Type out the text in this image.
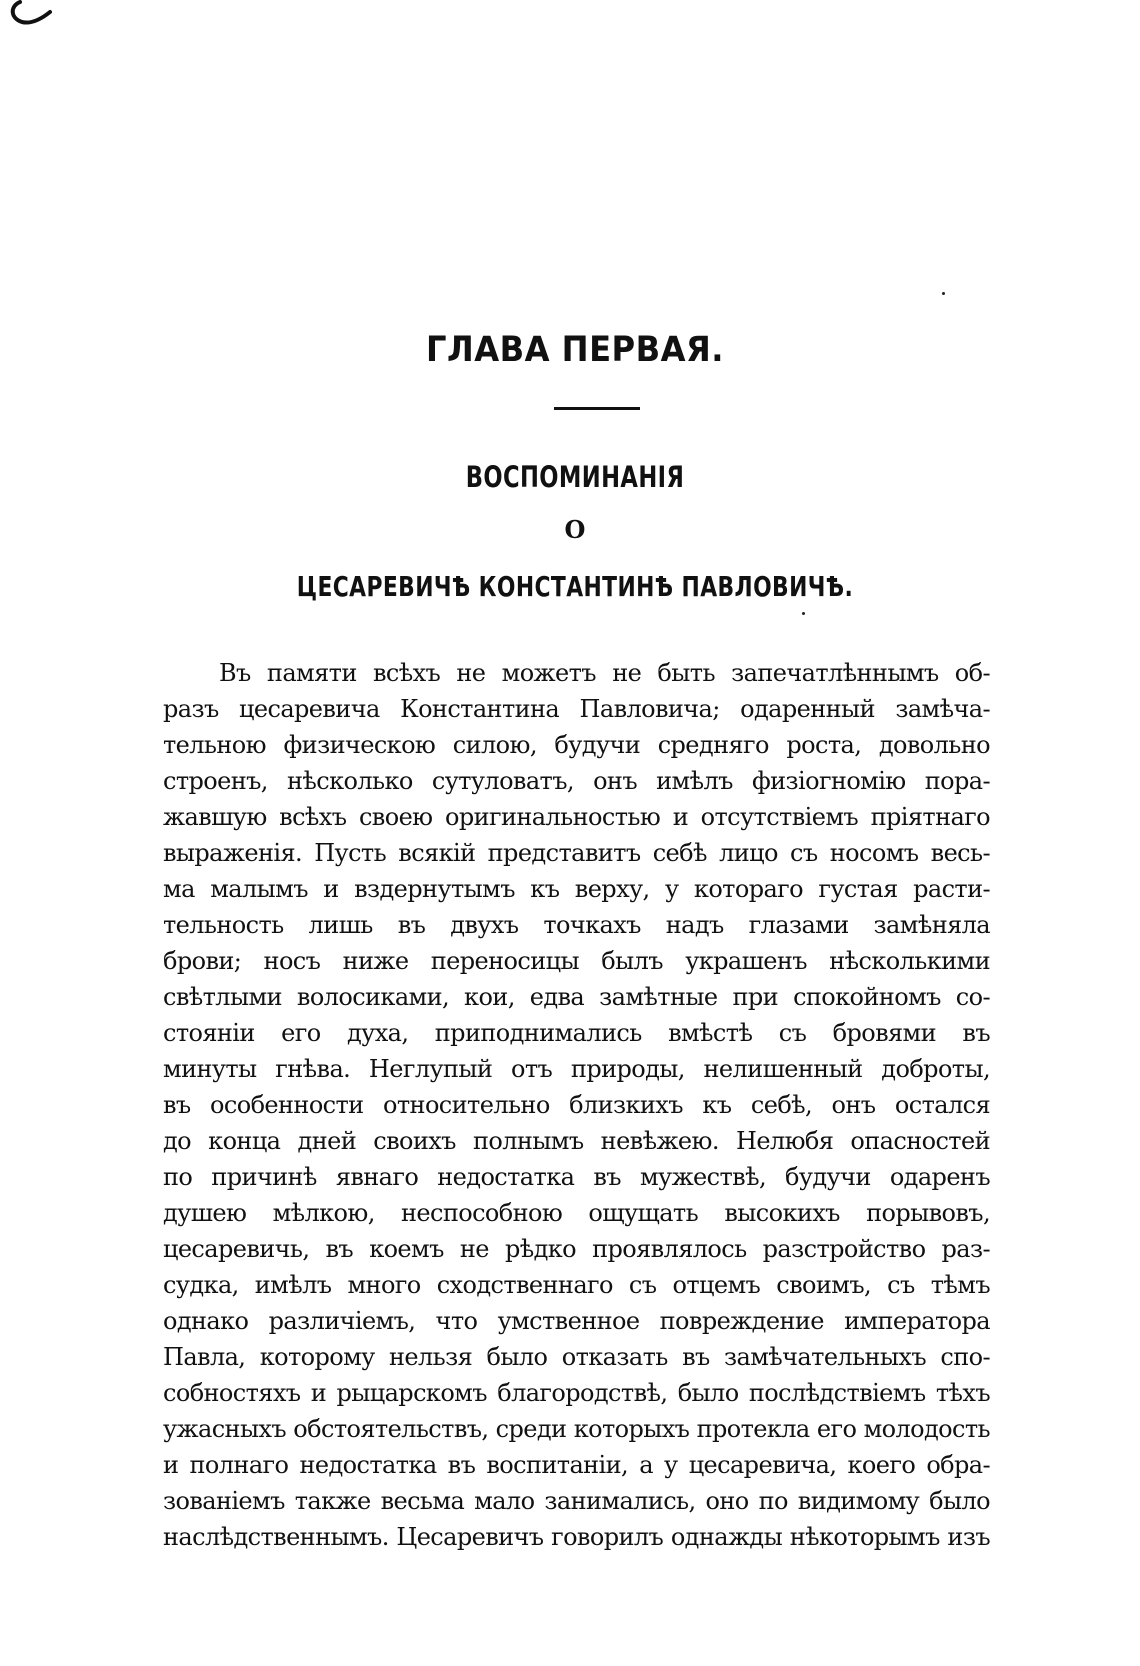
ГЛАВА ПЕРВАЯ.
ВОСПОМИНАНІЯ
О
ЦЕСАРЕВИЧѢ КОНСТАНТИНѢ ПАВЛОВИЧѢ.
Въ памяти всѣхъ не можетъ не быть запечатлѣннымъ об-
разъ цесаревича Константина Павловича; одаренный замѣча-
тельною физическою силою, будучи средняго роста, довольно
строенъ, нѣсколько сутуловатъ, онъ имѣлъ физіогномію пора-
жавшую всѣхъ своею оригинальностью и отсутствіемъ пріятнаго
выраженія. Пусть всякій представитъ себѣ лицо съ носомъ весь-
ма малымъ и вздернутымъ къ верху, у котораго густая расти-
тельность лишь въ двухъ точкахъ надъ глазами замѣняла
брови; носъ ниже переносицы былъ украшенъ нѣсколькими
свѣтлыми волосиками, кои, едва замѣтные при спокойномъ со-
стояніи его духа, приподнимались вмѣстѣ съ бровями въ
минуты гнѣва. Неглупый отъ природы, нелишенный доброты,
въ особенности относительно близкихъ къ себѣ, онъ остался
до конца дней своихъ полнымъ невѣжею. Нелюбя опасностей
по причинѣ явнаго недостатка въ мужествѣ, будучи одаренъ
душею мѣлкою, неспособною ощущать высокихъ порывовъ,
цесаревичь, въ коемъ не рѣдко проявлялось разстройство раз-
судка, имѣлъ много сходственнаго съ отцемъ своимъ, съ тѣмъ
однако различіемъ, что умственное повреждение императора
Павла, которому нельзя было отказать въ замѣчательныхъ спо-
собностяхъ и рыцарскомъ благородствѣ, было послѣдствіемъ тѣхъ
ужасныхъ обстоятельствъ, среди которыхъ протекла его молодость
и полнаго недостатка въ воспитаніи, а у цесаревича, коего обра-
зованіемъ также весьма мало занимались, оно по видимому было
наслѣдственнымъ. Цесаревичъ говорилъ однажды нѣкоторымъ изъ
